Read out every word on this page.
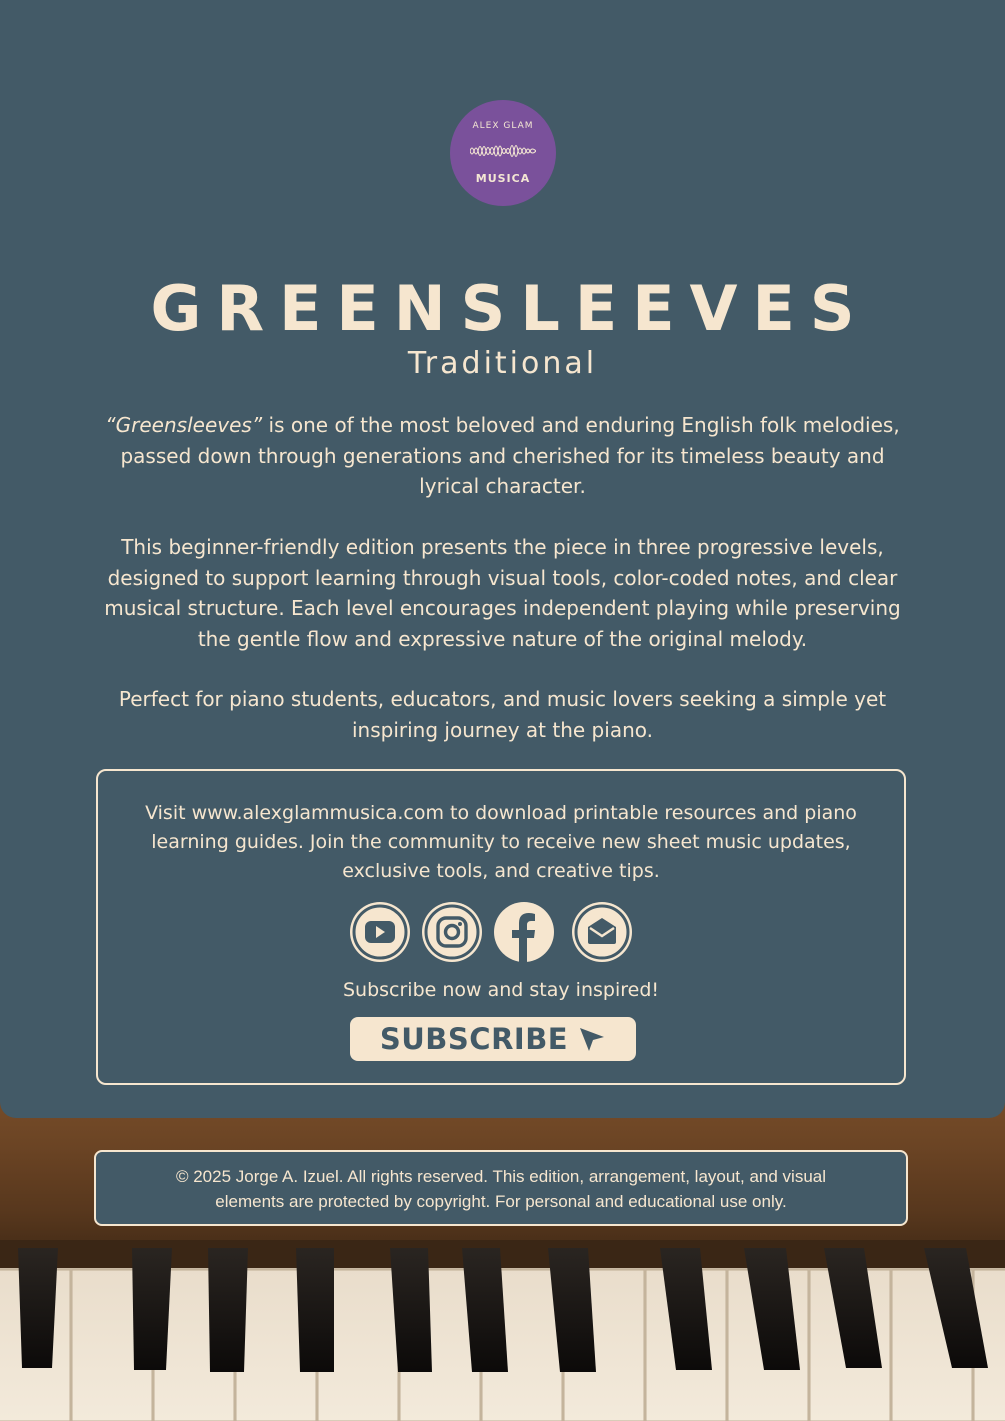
ALEX GLAM
MUSICA
GREENSLEEVES
Traditional
“Greensleeves” is one of the most beloved and enduring English folk melodies, passed down through generations and cherished for its timeless beauty and lyrical character.
This beginner-friendly edition presents the piece in three progressive levels, designed to support learning through visual tools, color-coded notes, and clear musical structure. Each level encourages independent playing while preserving the gentle flow and expressive nature of the original melody.
Perfect for piano students, educators, and music lovers seeking a simple yet inspiring journey at the piano.
Visit www.alexglammusica.com to download printable resources and piano learning guides. Join the community to receive new sheet music updates, exclusive tools, and creative tips.
Subscribe now and stay inspired!
SUBSCRIBE
© 2025 Jorge A. Izuel. All rights reserved. This edition, arrangement, layout, and visual elements are protected by copyright. For personal and educational use only.
